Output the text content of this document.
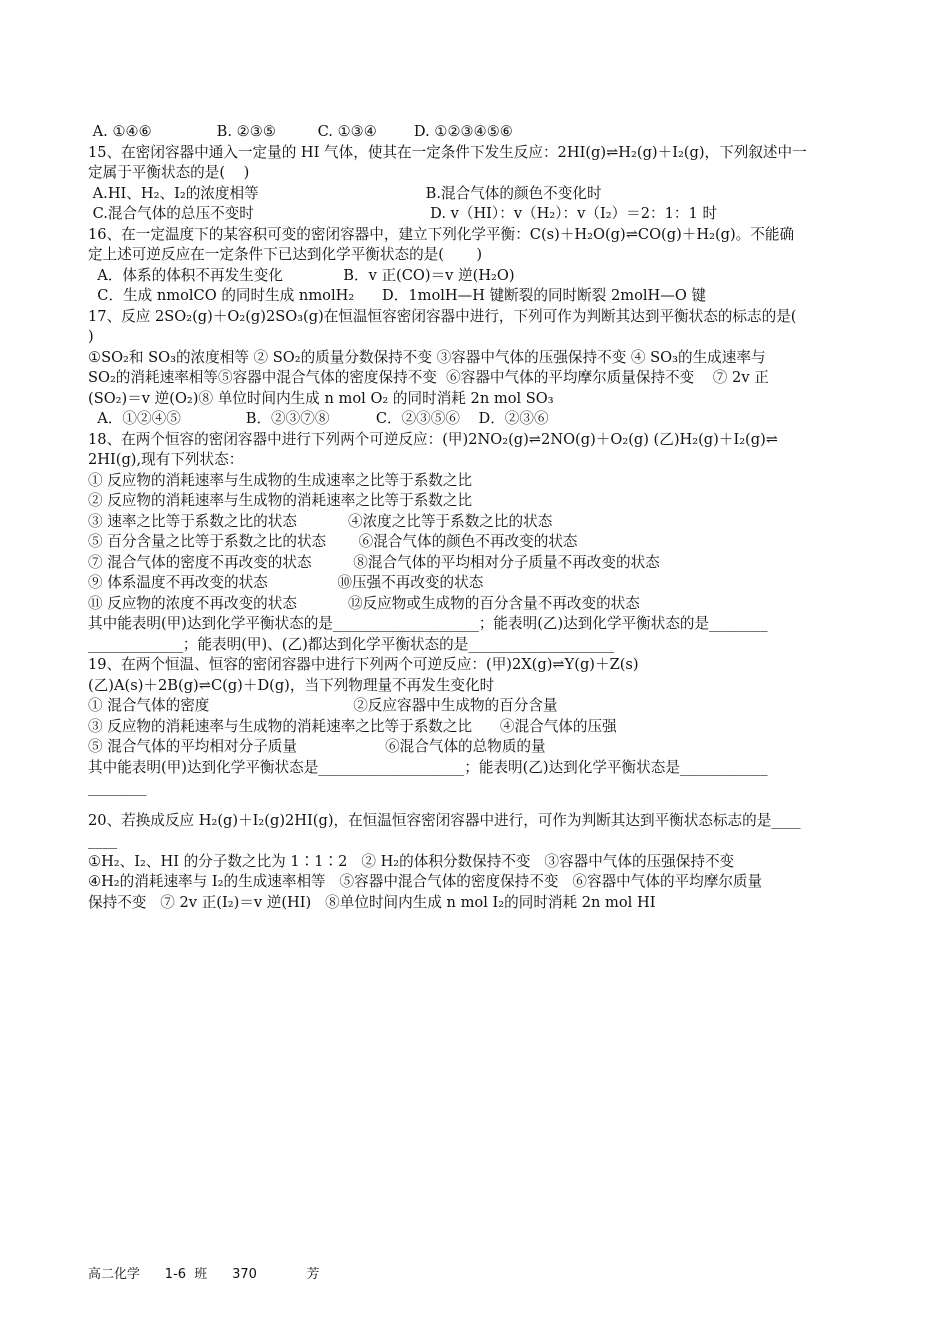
A. ①④⑥              B. ②③⑤         C. ①③④        D. ①②③④⑤⑥
15、在密闭容器中通入一定量的 HI 气体，使其在一定条件下发生反应：2HI(g)⇌H₂(g)＋I₂(g)，下列叙述中一
定属于平衡状态的是(    )
A.HI、H₂、I₂的浓度相等                                    B.混合气体的颜色不变化时
C.混合气体的总压不变时                                      D. v（HI）：v（H₂）：v（I₂）＝2：1：1 时
16、在一定温度下的某容积可变的密闭容器中，建立下列化学平衡：C(s)＋H₂O(g)⇌CO(g)＋H₂(g)。不能确
定上述可逆反应在一定条件下已达到化学平衡状态的是(       )
A．体系的体积不再发生变化             B．v 正(CO)＝v 逆(H₂O)
C．生成 nmolCO 的同时生成 nmolH₂      D．1molH—H 键断裂的同时断裂 2molH—O 键
17、反应 2SO₂(g)＋O₂(g)2SO₃(g)在恒温恒容密闭容器中进行，下列可作为判断其达到平衡状态的标志的是(
)
①SO₂和 SO₃的浓度相等 ② SO₂的质量分数保持不变 ③容器中气体的压强保持不变 ④ SO₃的生成速率与
SO₂的消耗速率相等⑤容器中混合气体的密度保持不变  ⑥容器中气体的平均摩尔质量保持不变    ⑦ 2v 正
(SO₂)＝v 逆(O₂)⑧ 单位时间内生成 n mol O₂ 的同时消耗 2n mol SO₃
A．①②④⑤              B．②③⑦⑧          C．②③⑤⑥    D．②③⑥
18、在两个恒容的密闭容器中进行下列两个可逆反应：(甲)2NO₂(g)⇌2NO(g)＋O₂(g) (乙)H₂(g)＋I₂(g)⇌
2HI(g),现有下列状态：
① 反应物的消耗速率与生成物的生成速率之比等于系数之比
② 反应物的消耗速率与生成物的消耗速率之比等于系数之比
③ 速率之比等于系数之比的状态           ④浓度之比等于系数之比的状态
⑤ 百分含量之比等于系数之比的状态       ⑥混合气体的颜色不再改变的状态
⑦ 混合气体的密度不再改变的状态         ⑧混合气体的平均相对分子质量不再改变的状态
⑨ 体系温度不再改变的状态               ⑩压强不再改变的状态
⑪ 反应物的浓度不再改变的状态           ⑫反应物或生成物的百分含量不再改变的状态
其中能表明(甲)达到化学平衡状态的是____________________；能表明(乙)达到化学平衡状态的是________
_____________；能表明(甲)、(乙)都达到化学平衡状态的是____________________
19、在两个恒温、恒容的密闭容器中进行下列两个可逆反应：(甲)2X(g)⇌Y(g)＋Z(s)
(乙)A(s)＋2B(g)⇌C(g)＋D(g)，当下列物理量不再发生变化时
① 混合气体的密度                               ②反应容器中生成物的百分含量
③ 反应物的消耗速率与生成物的消耗速率之比等于系数之比      ④混合气体的压强
⑤ 混合气体的平均相对分子质量                   ⑥混合气体的总物质的量
其中能表明(甲)达到化学平衡状态是____________________；能表明(乙)达到化学平衡状态是____________
________
20、若换成反应 H₂(g)＋I₂(g)2HI(g)，在恒温恒容密闭容器中进行，可作为判断其达到平衡状态标志的是____
____
①H₂、I₂、HI 的分子数之比为 1∶1∶2   ② H₂的体积分数保持不变   ③容器中气体的压强保持不变
④H₂的消耗速率与 I₂的生成速率相等   ⑤容器中混合气体的密度保持不变   ⑥容器中气体的平均摩尔质量
保持不变   ⑦ 2v 正(I₂)＝v 逆(HI)   ⑧单位时间内生成 n mol I₂的同时消耗 2n mol HI
高二化学      1-6  班      370            芳
